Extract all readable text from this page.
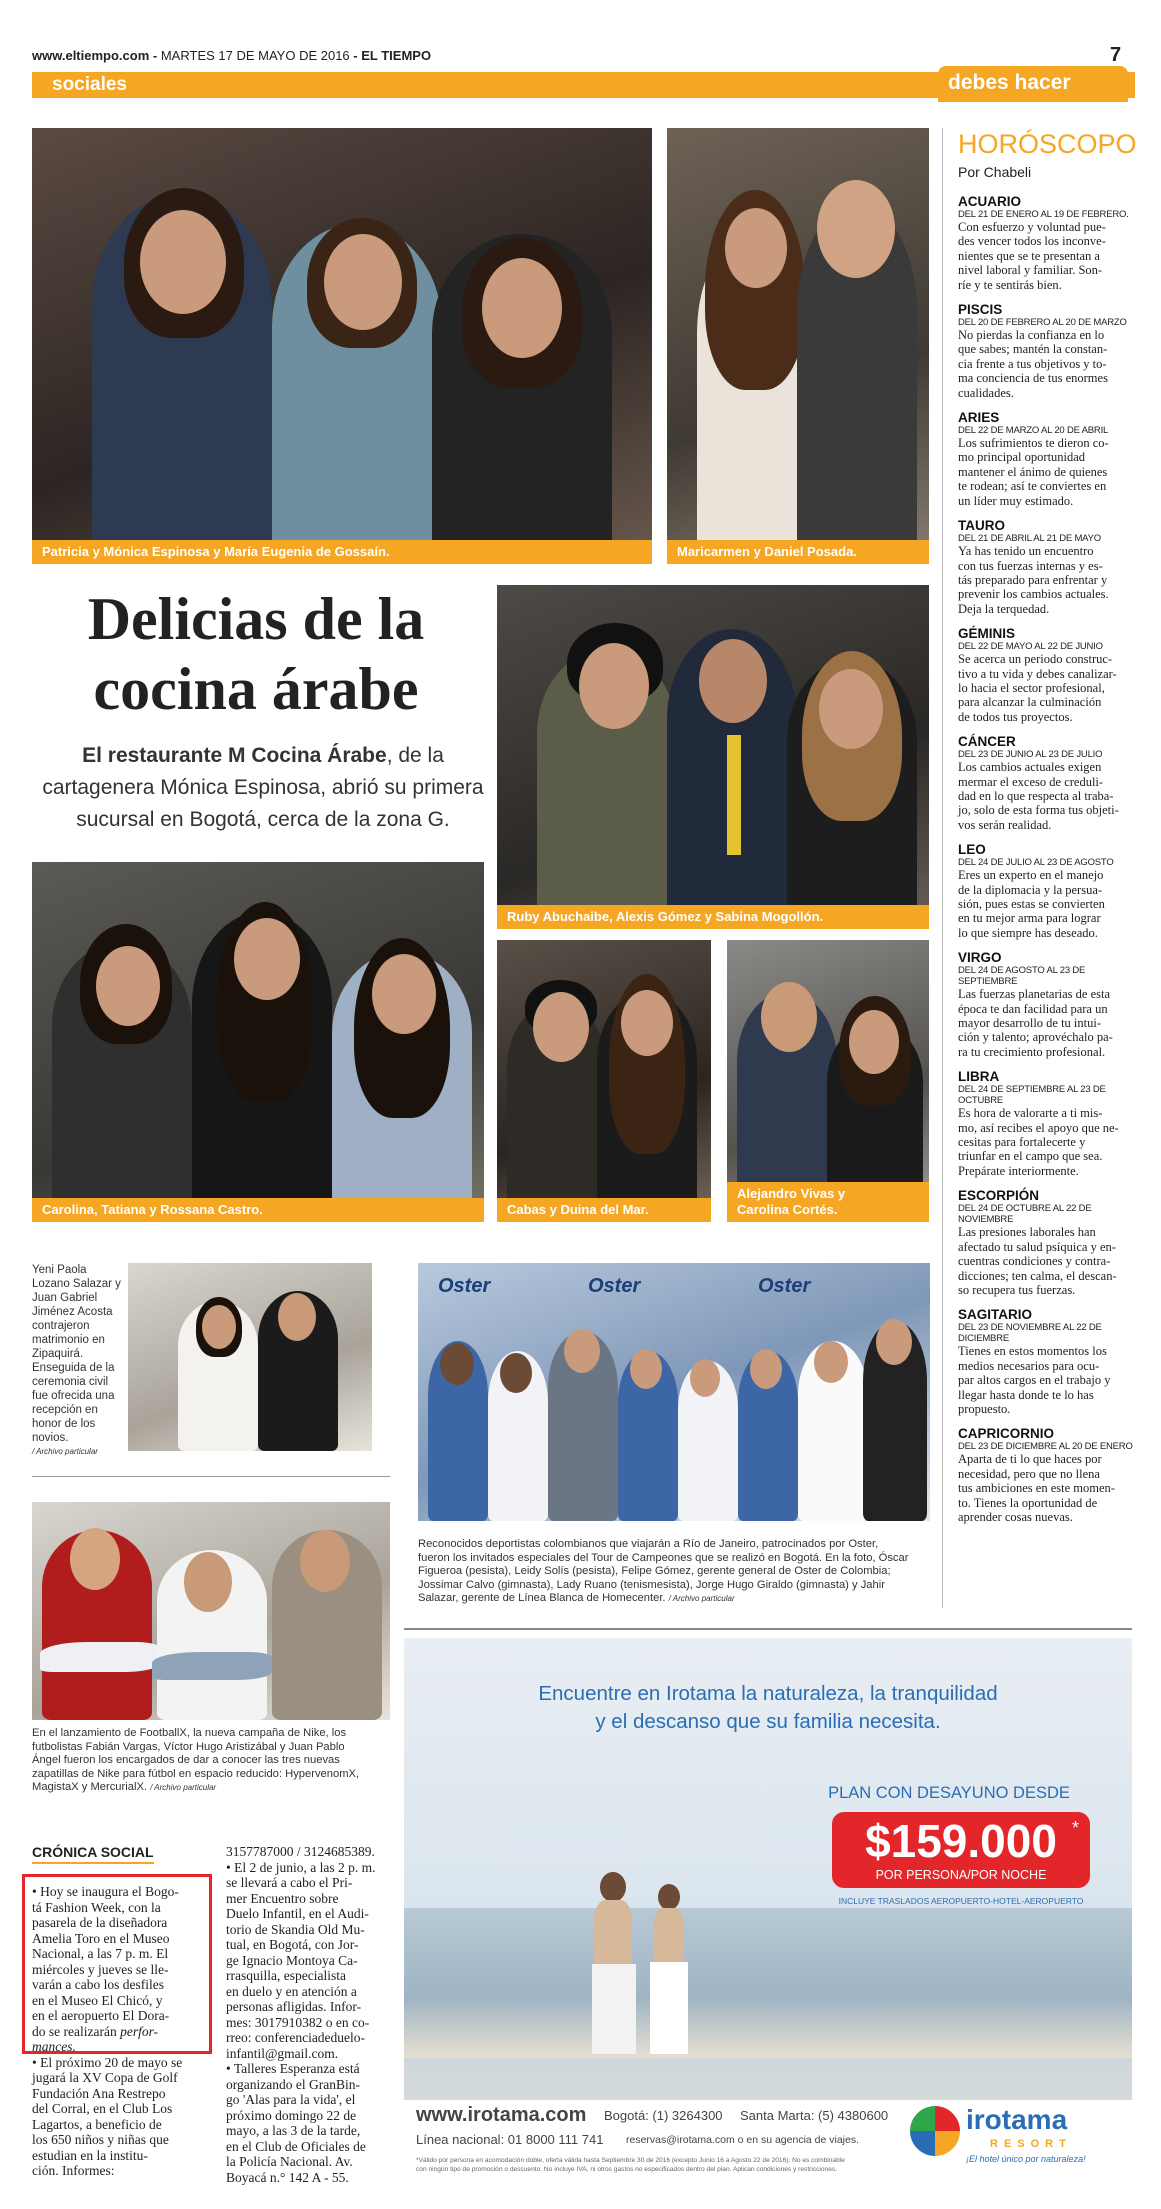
www.eltiempo.com - MARTES 17 DE MAYO DE 2016 - EL TIEMPO	7
sociales	debes hacer
Patricia y Mónica Espinosa y María Eugenia de Gossaín.	Maricarmen y Daniel Posada.
Delicias de la
cocina árabe
El restaurante M Cocina Árabe, de la
cartagenera Mónica Espinosa, abrió su primera
sucursal en Bogotá, cerca de la zona G.
Ruby Abuchaibe, Alexis Gómez y Sabina Mogollón.
Carolina, Tatiana y Rossana Castro.	Cabas y Duina del Mar.
Alejandro Vivas y
Carolina Cortés.
Yeni Paola
Lozano Salazar y
Juan Gabriel
Jiménez Acosta
contrajeron
matrimonio en
Zipaquirá.
Enseguida de la
ceremonia civil
fue ofrecida una
recepción en
honor de los
novios.
/ Archivo particular
Oster	Oster	Oster
Reconocidos deportistas colombianos que viajarán a Río de Janeiro, patrocinados por Oster,
fueron los invitados especiales del Tour de Campeones que se realizó en Bogotá. En la foto, Óscar
Figueroa (pesista), Leidy Solís (pesista), Felipe Gómez, gerente general de Oster de Colombia;
Jossimar Calvo (gimnasta), Lady Ruano (tenismesista), Jorge Hugo Giraldo (gimnasta) y Jahir
Salazar, gerente de Línea Blanca de Homecenter. / Archivo particular
En el lanzamiento de FootballX, la nueva campaña de Nike, los
futbolistas Fabián Vargas, Víctor Hugo Aristizábal y Juan Pablo
Ángel fueron los encargados de dar a conocer las tres nuevas
zapatillas de Nike para fútbol en espacio reducido: HypervenomX,
MagistaX y MercurialX. / Archivo particular
CRÓNICA SOCIAL
• Hoy se inaugura el Bogo-
tá Fashion Week, con la
pasarela de la diseñadora
Amelia Toro en el Museo
Nacional, a las 7 p. m. El
miércoles y jueves se lle-
varán a cabo los desfiles
en el Museo El Chicó, y
en el aeropuerto El Dora-
do se realizarán perfor-
mances.
• El próximo 20 de mayo se
jugará la XV Copa de Golf
Fundación Ana Restrepo
del Corral, en el Club Los
Lagartos, a beneficio de
los 650 niños y niñas que
estudian en la institu-
ción. Informes:
3157787000 / 3124685389.
• El 2 de junio, a las 2 p. m.
se llevará a cabo el Pri-
mer Encuentro sobre
Duelo Infantil, en el Audi-
torio de Skandia Old Mu-
tual, en Bogotá, con Jor-
ge Ignacio Montoya Ca-
rrasquilla, especialista
en duelo y en atención a
personas afligidas. Infor-
mes: 3017910382 o en co-
rreo: conferenciadeduelo-
infantil@gmail.com.
• Talleres Esperanza está
organizando el GranBin-
go 'Alas para la vida', el
próximo domingo 22 de
mayo, a las 3 de la tarde,
en el Club de Oficiales de
la Policía Nacional. Av.
Boyacá n.° 142 A - 55.
HORÓSCOPO
Por Chabeli
ACUARIO
DEL 21 DE ENERO AL 19 DE FEBRERO.
Con esfuerzo y voluntad pue-
des vencer todos los inconve-
nientes que se te presentan a
nivel laboral y familiar. Son-
ríe y te sentirás bien.
PISCIS
DEL 20 DE FEBRERO AL 20 DE MARZO
No pierdas la confianza en lo
que sabes; mantén la constan-
cia frente a tus objetivos y to-
ma conciencia de tus enormes
cualidades.
ARIES
DEL 22 DE MARZO AL 20 DE ABRIL
Los sufrimientos te dieron co-
mo principal oportunidad
mantener el ánimo de quienes
te rodean; así te conviertes en
un líder muy estimado.
TAURO
DEL 21 DE ABRIL AL 21 DE MAYO
Ya has tenido un encuentro
con tus fuerzas internas y es-
tás preparado para enfrentar y
prevenir los cambios actuales.
Deja la terquedad.
GÉMINIS
DEL 22 DE MAYO AL 22 DE JUNIO
Se acerca un periodo construc-
tivo a tu vida y debes canalizar-
lo hacia el sector profesional,
para alcanzar la culminación
de todos tus proyectos.
CÁNCER
DEL 23 DE JUNIO AL 23 DE JULIO
Los cambios actuales exigen
mermar el exceso de creduli-
dad en lo que respecta al traba-
jo, solo de esta forma tus objeti-
vos serán realidad.
LEO
DEL 24 DE JULIO AL 23 DE AGOSTO
Eres un experto en el manejo
de la diplomacia y la persua-
sión, pues estas se convierten
en tu mejor arma para lograr
lo que siempre has deseado.
VIRGO
DEL 24 DE AGOSTO AL 23 DE SEPTIEMBRE
Las fuerzas planetarias de esta
época te dan facilidad para un
mayor desarrollo de tu intui-
ción y talento; aprovéchalo pa-
ra tu crecimiento profesional.
LIBRA
DEL 24 DE SEPTIEMBRE AL 23 DE OCTUBRE
Es hora de valorarte a ti mis-
mo, así recibes el apoyo que ne-
cesitas para fortalecerte y
triunfar en el campo que sea.
Prepárate interiormente.
ESCORPIÓN
DEL 24 DE OCTUBRE AL 22 DE NOVIEMBRE
Las presiones laborales han
afectado tu salud psíquica y en-
cuentras condiciones y contra-
dicciones; ten calma, el descan-
so recupera tus fuerzas.
SAGITARIO
DEL 23 DE NOVIEMBRE AL 22 DE DICIEMBRE
Tienes en estos momentos los
medios necesarios para ocu-
par altos cargos en el trabajo y
llegar hasta donde te lo has
propuesto.
CAPRICORNIO
DEL 23 DE DICIEMBRE AL 20 DE ENERO
Aparta de ti lo que haces por
necesidad, pero que no llena
tus ambiciones en este momen-
to. Tienes la oportunidad de
aprender cosas nuevas.
Encuentre en Irotama la naturaleza, la tranquilidad
y el descanso que su familia necesita.
PLAN CON DESAYUNO DESDE
$159.000 *
POR PERSONA/POR NOCHE
INCLUYE TRASLADOS AEROPUERTO-HOTEL-AEROPUERTO
www.irotama.com Bogotá: (1) 3264300 Santa Marta: (5) 4380600
Línea nacional: 01 8000 111 741 reservas@irotama.com o en su agencia de viajes.
*Válido por persona en acomodación doble, oferta válida hasta Septiembre 30 de 2016 (excepto Junio 16 a Agosto 22 de 2016). No es combinable
con ningún tipo de promoción o descuento. No incluye IVA, ni otros gastos no especificados dentro del plan. Aplican condiciones y restricciones.
irotama
RESORT
¡El hotel único por naturaleza!
